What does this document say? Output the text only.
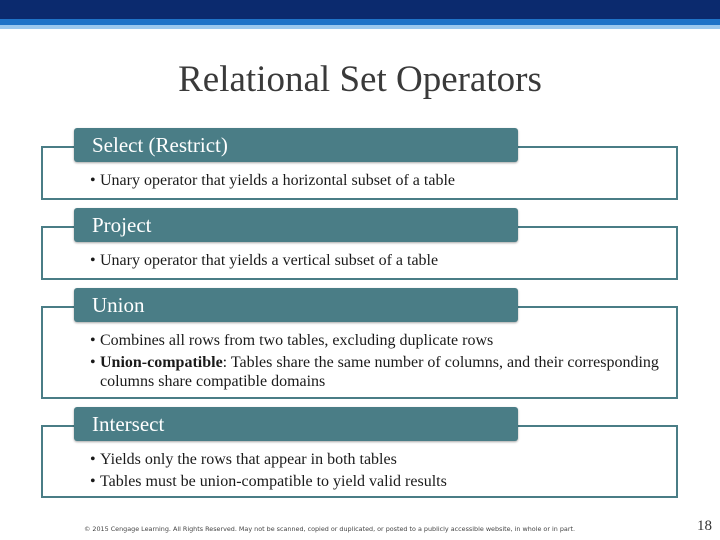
Relational Set Operators
Select (Restrict)
• Unary operator that yields a horizontal subset of a table
Project
• Unary operator that yields a vertical subset of a table
Union
• Combines all rows from two tables, excluding duplicate rows
• Union-compatible: Tables share the same number of columns, and their corresponding columns share compatible domains
Intersect
• Yields only the rows that appear in both tables
• Tables must be union-compatible to yield valid results
© 2015 Cengage Learning. All Rights Reserved. May not be scanned, copied or duplicated, or posted to a publicly accessible website, in whole or in part.	18
